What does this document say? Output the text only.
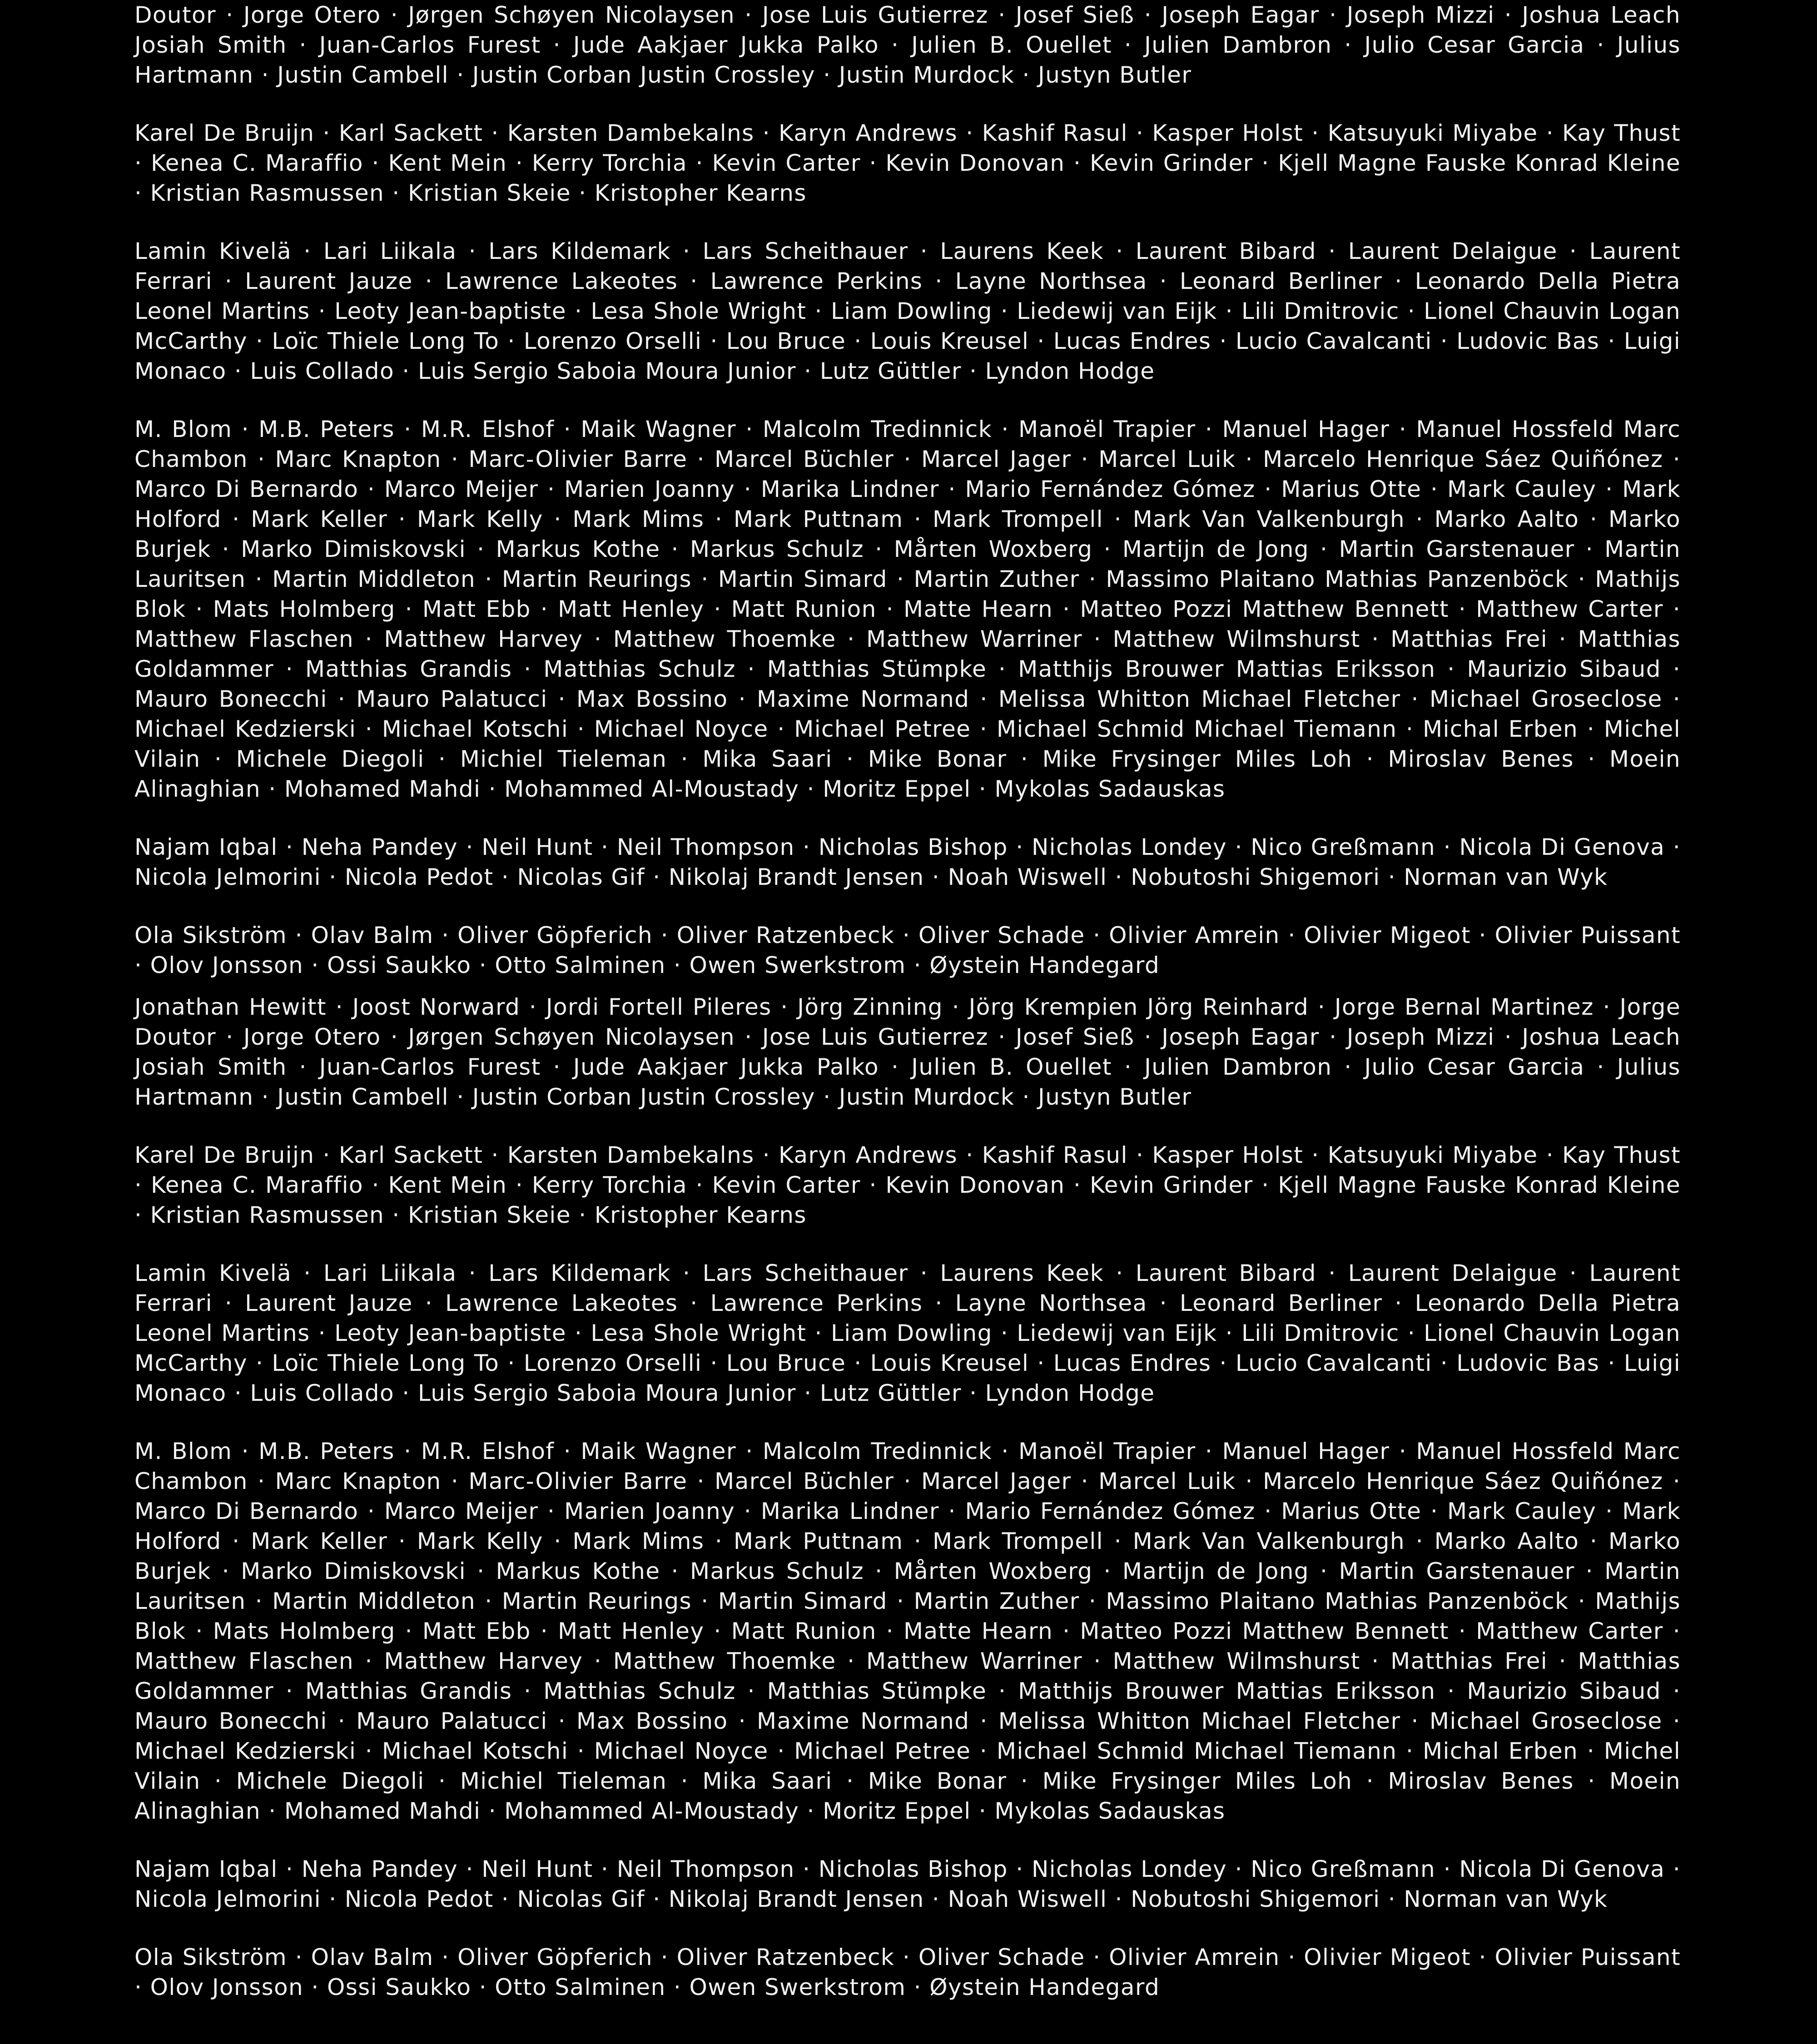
Doutor · Jorge Otero · Jørgen Schøyen Nicolaysen · Jose Luis Gutierrez · Josef Sieß · Joseph Eagar · Joseph Mizzi · Joshua Leach Josiah Smith · Juan-Carlos Furest · Jude Aakjaer Jukka Palko · Julien B. Ouellet · Julien Dambron · Julio Cesar Garcia · Julius Hartmann · Justin Cambell · Justin Corban Justin Crossley · Justin Murdock · Justyn Butler

Karel De Bruijn · Karl Sackett · Karsten Dambekalns · Karyn Andrews · Kashif Rasul · Kasper Holst · Katsuyuki Miyabe · Kay Thust · Kenea C. Maraffio · Kent Mein · Kerry Torchia · Kevin Carter · Kevin Donovan · Kevin Grinder · Kjell Magne Fauske Konrad Kleine · Kristian Rasmussen · Kristian Skeie · Kristopher Kearns

Lamin Kivelä · Lari Liikala · Lars Kildemark · Lars Scheithauer · Laurens Keek · Laurent Bibard · Laurent Delaigue · Laurent Ferrari · Laurent Jauze · Lawrence Lakeotes · Lawrence Perkins · Layne Northsea · Leonard Berliner · Leonardo Della Pietra Leonel Martins · Leoty Jean-baptiste · Lesa Shole Wright · Liam Dowling · Liedewij van Eijk · Lili Dmitrovic · Lionel Chauvin Logan McCarthy · Loïc Thiele Long To · Lorenzo Orselli · Lou Bruce · Louis Kreusel · Lucas Endres · Lucio Cavalcanti · Ludovic Bas · Luigi Monaco · Luis Collado · Luis Sergio Saboia Moura Junior · Lutz Güttler · Lyndon Hodge

M. Blom · M.B. Peters · M.R. Elshof · Maik Wagner · Malcolm Tredinnick · Manoël Trapier · Manuel Hager · Manuel Hossfeld Marc Chambon · Marc Knapton · Marc-Olivier Barre · Marcel Büchler · Marcel Jager · Marcel Luik · Marcelo Henrique Sáez Quiñónez · Marco Di Bernardo · Marco Meijer · Marien Joanny · Marika Lindner · Mario Fernández Gómez · Marius Otte · Mark Cauley · Mark Holford · Mark Keller · Mark Kelly · Mark Mims · Mark Puttnam · Mark Trompell · Mark Van Valkenburgh · Marko Aalto · Marko Burjek · Marko Dimiskovski · Markus Kothe · Markus Schulz · Mårten Woxberg · Martijn de Jong · Martin Garstenauer · Martin Lauritsen · Martin Middleton · Martin Reurings · Martin Simard · Martin Zuther · Massimo Plaitano Mathias Panzenböck · Mathijs Blok · Mats Holmberg · Matt Ebb · Matt Henley · Matt Runion · Matte Hearn · Matteo Pozzi Matthew Bennett · Matthew Carter · Matthew Flaschen · Matthew Harvey · Matthew Thoemke · Matthew Warriner · Matthew Wilmshurst · Matthias Frei · Matthias Goldammer · Matthias Grandis · Matthias Schulz · Matthias Stümpke · Matthijs Brouwer Mattias Eriksson · Maurizio Sibaud · Mauro Bonecchi · Mauro Palatucci · Max Bossino · Maxime Normand · Melissa Whitton Michael Fletcher · Michael Groseclose · Michael Kedzierski · Michael Kotschi · Michael Noyce · Michael Petree · Michael Schmid Michael Tiemann · Michal Erben · Michel Vilain · Michele Diegoli · Michiel Tieleman · Mika Saari · Mike Bonar · Mike Frysinger Miles Loh · Miroslav Benes · Moein Alinaghian · Mohamed Mahdi · Mohammed Al-Moustady · Moritz Eppel · Mykolas Sadauskas

Najam Iqbal · Neha Pandey · Neil Hunt · Neil Thompson · Nicholas Bishop · Nicholas Londey · Nico Greßmann · Nicola Di Genova · Nicola Jelmorini · Nicola Pedot · Nicolas Gif · Nikolaj Brandt Jensen · Noah Wiswell · Nobutoshi Shigemori · Norman van Wyk

Ola Sikström · Olav Balm · Oliver Göpferich · Oliver Ratzenbeck · Oliver Schade · Olivier Amrein · Olivier Migeot · Olivier Puissant · Olov Jonsson · Ossi Saukko · Otto Salminen · Owen Swerkstrom · Øystein Handegard

Jonathan Hewitt · Joost Norward · Jordi Fortell Pileres · Jörg Zinning · Jörg Krempien Jörg Reinhard · Jorge Bernal Martinez · Jorge Doutor · Jorge Otero · Jørgen Schøyen Nicolaysen · Jose Luis Gutierrez · Josef Sieß · Joseph Eagar · Joseph Mizzi · Joshua Leach Josiah Smith · Juan-Carlos Furest · Jude Aakjaer Jukka Palko · Julien B. Ouellet · Julien Dambron · Julio Cesar Garcia · Julius Hartmann · Justin Cambell · Justin Corban Justin Crossley · Justin Murdock · Justyn Butler

Karel De Bruijn · Karl Sackett · Karsten Dambekalns · Karyn Andrews · Kashif Rasul · Kasper Holst · Katsuyuki Miyabe · Kay Thust · Kenea C. Maraffio · Kent Mein · Kerry Torchia · Kevin Carter · Kevin Donovan · Kevin Grinder · Kjell Magne Fauske Konrad Kleine · Kristian Rasmussen · Kristian Skeie · Kristopher Kearns

Lamin Kivelä · Lari Liikala · Lars Kildemark · Lars Scheithauer · Laurens Keek · Laurent Bibard · Laurent Delaigue · Laurent Ferrari · Laurent Jauze · Lawrence Lakeotes · Lawrence Perkins · Layne Northsea · Leonard Berliner · Leonardo Della Pietra Leonel Martins · Leoty Jean-baptiste · Lesa Shole Wright · Liam Dowling · Liedewij van Eijk · Lili Dmitrovic · Lionel Chauvin Logan McCarthy · Loïc Thiele Long To · Lorenzo Orselli · Lou Bruce · Louis Kreusel · Lucas Endres · Lucio Cavalcanti · Ludovic Bas · Luigi Monaco · Luis Collado · Luis Sergio Saboia Moura Junior · Lutz Güttler · Lyndon Hodge

M. Blom · M.B. Peters · M.R. Elshof · Maik Wagner · Malcolm Tredinnick · Manoël Trapier · Manuel Hager · Manuel Hossfeld Marc Chambon · Marc Knapton · Marc-Olivier Barre · Marcel Büchler · Marcel Jager · Marcel Luik · Marcelo Henrique Sáez Quiñónez · Marco Di Bernardo · Marco Meijer · Marien Joanny · Marika Lindner · Mario Fernández Gómez · Marius Otte · Mark Cauley · Mark Holford · Mark Keller · Mark Kelly · Mark Mims · Mark Puttnam · Mark Trompell · Mark Van Valkenburgh · Marko Aalto · Marko Burjek · Marko Dimiskovski · Markus Kothe · Markus Schulz · Mårten Woxberg · Martijn de Jong · Martin Garstenauer · Martin Lauritsen · Martin Middleton · Martin Reurings · Martin Simard · Martin Zuther · Massimo Plaitano Mathias Panzenböck · Mathijs Blok · Mats Holmberg · Matt Ebb · Matt Henley · Matt Runion · Matte Hearn · Matteo Pozzi Matthew Bennett · Matthew Carter · Matthew Flaschen · Matthew Harvey · Matthew Thoemke · Matthew Warriner · Matthew Wilmshurst · Matthias Frei · Matthias Goldammer · Matthias Grandis · Matthias Schulz · Matthias Stümpke · Matthijs Brouwer Mattias Eriksson · Maurizio Sibaud · Mauro Bonecchi · Mauro Palatucci · Max Bossino · Maxime Normand · Melissa Whitton Michael Fletcher · Michael Groseclose · Michael Kedzierski · Michael Kotschi · Michael Noyce · Michael Petree · Michael Schmid Michael Tiemann · Michal Erben · Michel Vilain · Michele Diegoli · Michiel Tieleman · Mika Saari · Mike Bonar · Mike Frysinger Miles Loh · Miroslav Benes · Moein Alinaghian · Mohamed Mahdi · Mohammed Al-Moustady · Moritz Eppel · Mykolas Sadauskas

Najam Iqbal · Neha Pandey · Neil Hunt · Neil Thompson · Nicholas Bishop · Nicholas Londey · Nico Greßmann · Nicola Di Genova · Nicola Jelmorini · Nicola Pedot · Nicolas Gif · Nikolaj Brandt Jensen · Noah Wiswell · Nobutoshi Shigemori · Norman van Wyk

Ola Sikström · Olav Balm · Oliver Göpferich · Oliver Ratzenbeck · Oliver Schade · Olivier Amrein · Olivier Migeot · Olivier Puissant · Olov Jonsson · Ossi Saukko · Otto Salminen · Owen Swerkstrom · Øystein Handegard
